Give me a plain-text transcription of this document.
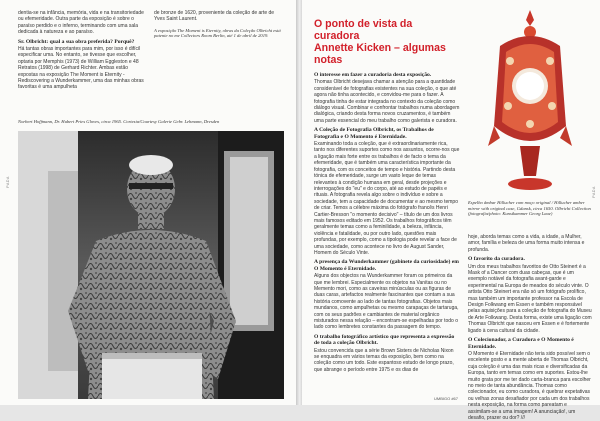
PADA
dentia-se na infância, memória, vida e na transitoriedade ou efemeridade. Outra parte da exposição é sobre o paraíso perdido e o inferno, terminando com uma sala dedicada à natureza e ao paraíso.
Sr. Olbricht: qual a sua obra preferida? Porquê?
Há tantas obras importantes para mim, por isso é difícil especificar uma. No entanto, se tivesse que escolher, optaria por Memphis (1973) de William Eggleston e 48 Retratos (1998) de Gerhard Richter. Ambas estão expostas na exposição The Moment is Eternity - Rediscovering a Wunderkammer, uma das minhas obras favoritas é uma ampulheta
de bronze de 1620, proveniente da coleção de arte de Yves Saint Laurent.
A exposição The Moment is Eternity, obras da Coleção Olbricht está patente no me Collectors Room Berlin, até 1 de abril de 2019.
Norbert Hoffmann, Dr. Hubert Pries Gloves, circa 1965. Cortesia/Courtesy Galerie Gebr. Lehmann, Dresden
O ponto de vista da curadora
Annette Kicken – algumas notas
O interesse em fazer a curadoria desta exposição.
Thomas Olbricht desejava chamar a atenção para a quantidade considerável de fotografias existentes na sua coleção, o que até agora não tinha acontecido, e convidou-me para o fazer. A fotografia tinha de estar integrada no contexto da coleção como diálogo visual. Combinar e confrontar trabalhos numa abordagem dialógica, criando desta forma novos cruzamentos, é também uma parte essencial do meu trabalho como galerista e curadora.
A Coleção de Fotografia Olbricht, os Trabalhos de Fotografia e O Momento é Eternidade.
Examinando toda a coleção, que é extraordinariamente rica, tanto nos diferentes suportes como nos assuntos, ocorre-nos que a ligação mais forte entre os trabalhos é de facto o tema da efemeridade, que é também uma característica importante da fotografia, com os conceitos de tempo e história. Partindo desta tónica de efemeridade, surge um vasto leque de temas relevantes à condição humana em geral, desde projeções e interrogações do "eu" e do corpo, até ao estudo de papéis e rituais. A fotografia revela algo sobre o indivíduo e sobre a sociedade, tem a capacidade de documentar e ao mesmo tempo de criar. Temos a célebre máxima do fotógrafo francês Henri Cartier-Bresson "o momento decisivo" – título de um dos livros mais famosos editado em 1952. Os trabalhos fotográficos têm geralmente temas como a feminilidade, a beleza, infância, violência e fatalidade, ou por outro lado, questões mais profundas, por exemplo, como a tipologia pode revelar a face de uma sociedade, como acontece no livro de August Sander, Homem do Século Vinte.
A presença da Wunderkammer (gabinete da curiosidade) em O Momento é Eternidade.
Alguns dos objectos na Wunderkammer foram os primeiros da que me lembrei. Especialmente os objetos na Vanitas ou no Memento mori, como as caveiras minúsculas ou as figuras de duas caras, artefactos realmente fascinantes que contam a sua história comovente ao lado de tantas fotografias. Objetos mais mundanos, como ampulhetas ou mesmo carapaças de tartaruga, com os seus padrões e cambiantes de material orgânico misturados nessa relação – encontram-se espelhadas por todo o lado como lembretes constantes da passagem do tempo.
O trabalho fotográfico artístico que representa a expressão de toda a coleção Olbricht.
Estou convencida que a série Brown Sisters de Nicholas Nixon se enquadra em vários temas da exposição, bem como na coleção como um todo. Este espantoso estudo de longo prazo, que abrange o período entre 1975 e os dias de
Espelho âmbar Hillucher com moço original / Hillucher amber mirror with original case, Gdansk, circa 1650. Olbricht Collection (fotografia/photo: Kunstkammer Georg Laue)
hoje, aborda temas como a vida, a idade, a Mulher, amor, família e beleza de uma forma muito intensa e profunda.
O favorito da curadora.
Um dos meus trabalhos favoritos de Otto Steinert é a Mask of a Dancer com duas cabeças, que é um exemplo notável da fotografia avant-garde e experimental na Europa de meados do século vinte. O artista Otto Steinert era não só um fotógrafo prolífico, mas também um importante professor na Escola de Design Folkwang em Essen e também responsável pelas aquisições para a coleção de fotografia do Museu de Arte Folkwang. Desta forma, existe uma ligação com Thomas Olbricht que nasceu em Essen e é fortemente ligado à cena cultural da cidade.
O Colecionador, a Curadora e O Momento é Eternidade.
O Momento é Eternidade não teria sido possível sem o excelente gosto e a mente aberta de Thomas Olbricht, cuja coleção é uma das mais ricas e diversificadas da Europa, tanto em temas como em suportes. Estou-lhe muito grata por me ter dado carta-branca para escolher no meio de tanta abundância. Thomas como colecionador, eu como curadora, é quebrar expetativas ou velhas zonas desafiador por cada um dos trabalhos nesta exposição, na forma como pareatam e assimilam-se a uma imagem! A anunciação!, um desafio, prazer ou dor? ///
UMBIGO #67
PADA
